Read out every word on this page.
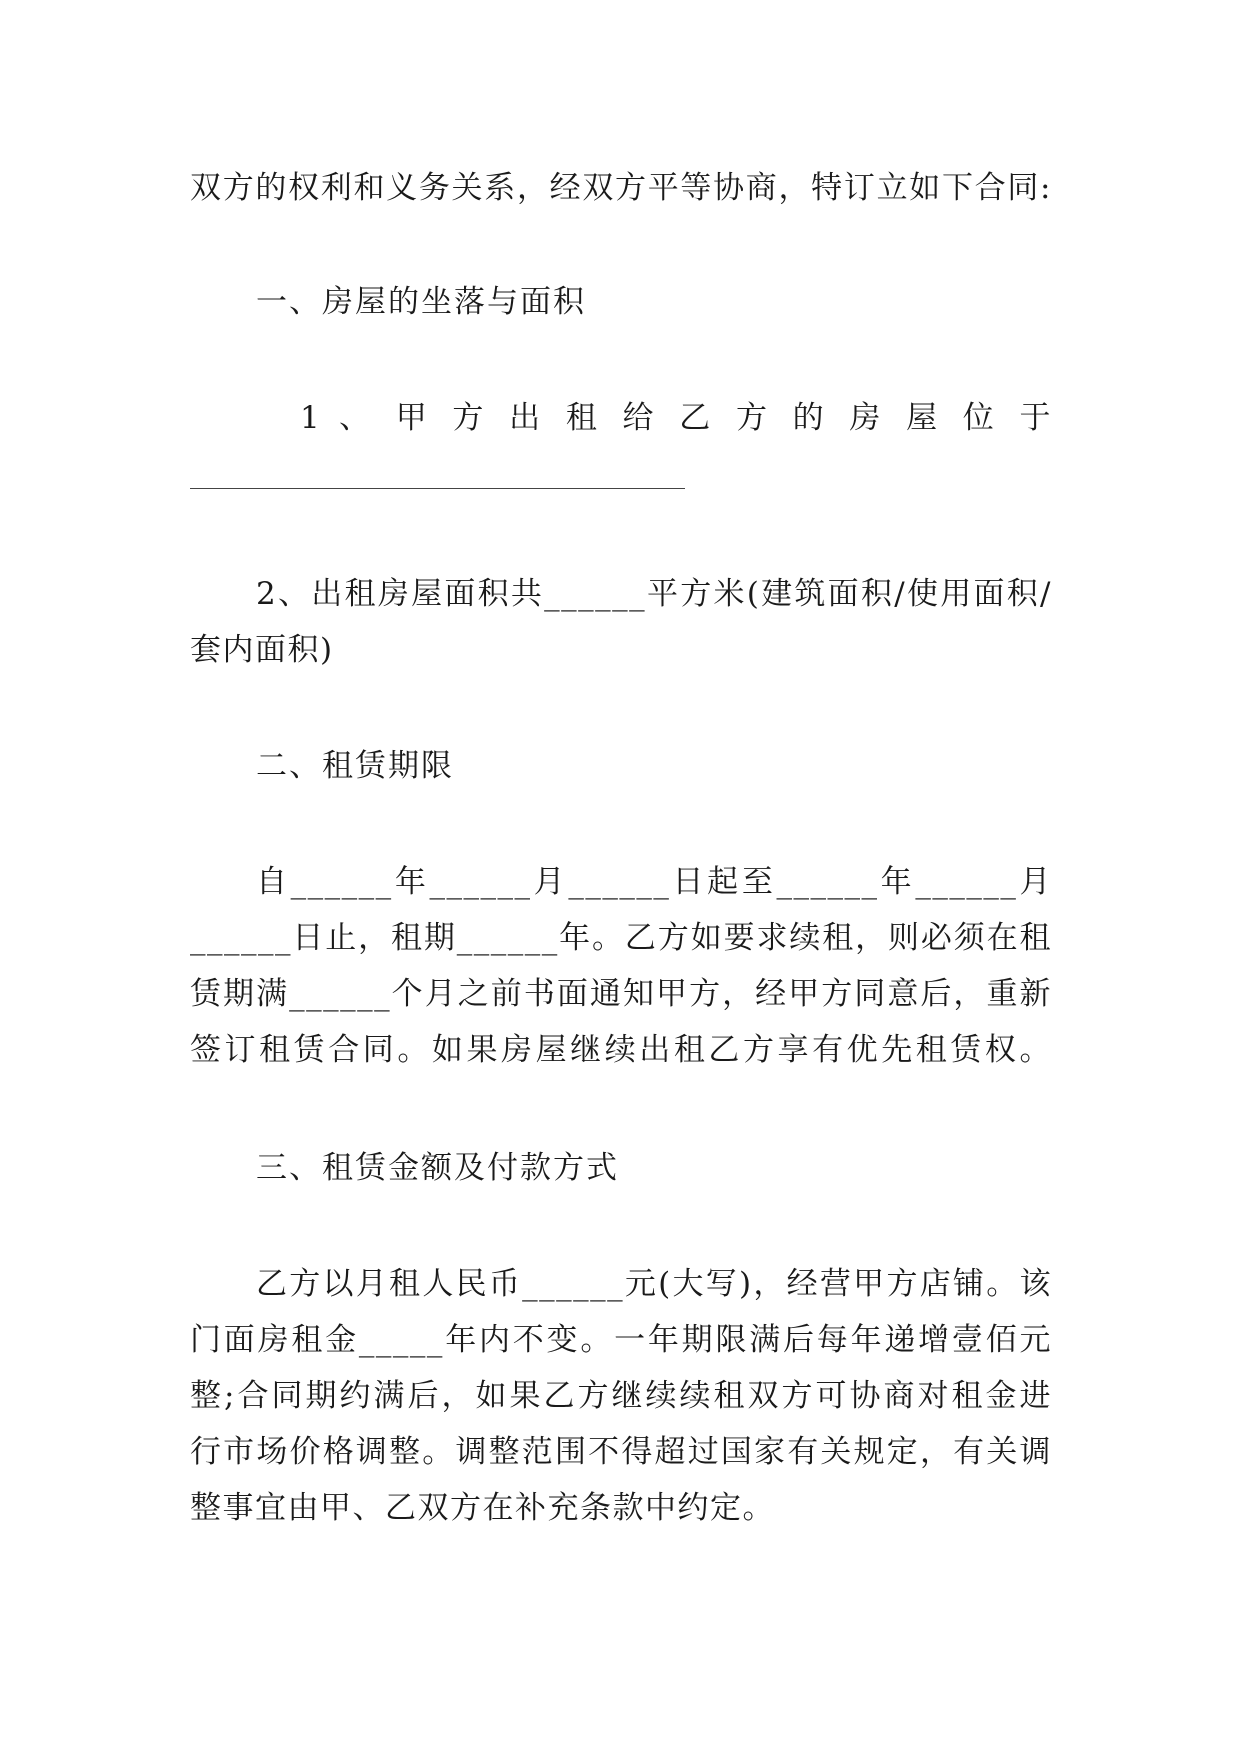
双方的权利和义务关系，经双方平等协商，特订立如下合同:
一、房屋的坐落与面积
1 、 甲 方 出 租 给 乙 方 的 房 屋 位 于
2、出租房屋面积共______平方米(建筑面积/使用面积/
套内面积)
二、租赁期限
自______年______月______日起至______年______月
______日止，租期______年。乙方如要求续租，则必须在租
赁期满______个月之前书面通知甲方，经甲方同意后，重新
签订租赁合同。如果房屋继续出租乙方享有优先租赁权。
三、租赁金额及付款方式
乙方以月租人民币______元(大写)，经营甲方店铺。该
门面房租金_____年内不变。一年期限满后每年递增壹佰元
整;合同期约满后，如果乙方继续续租双方可协商对租金进
行市场价格调整。调整范围不得超过国家有关规定，有关调
整事宜由甲、乙双方在补充条款中约定。
